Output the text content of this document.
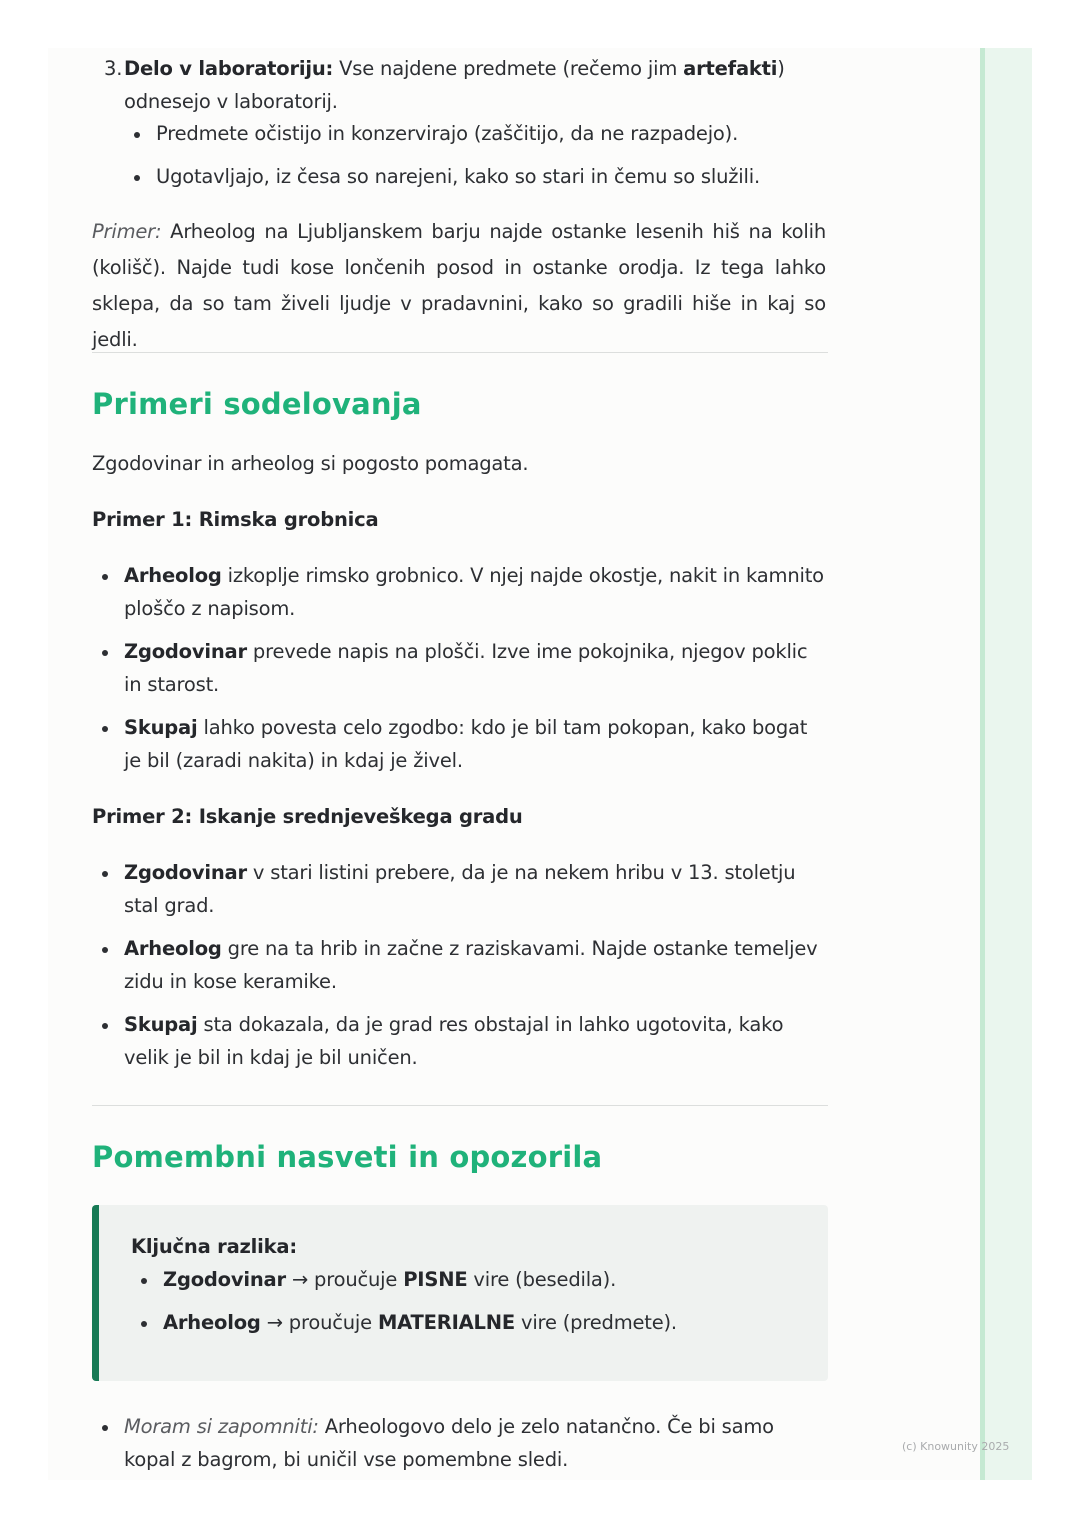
3. Delo v laboratoriju: Vse najdene predmete (rečemo jim artefakti) odnesejo v laboratorij.
Predmete očistijo in konzervirajo (zaščitijo, da ne razpadejo).
Ugotavljajo, iz česa so narejeni, kako so stari in čemu so služili.
Primer: Arheolog na Ljubljanskem barju najde ostanke lesenih hiš na kolih (kolišč). Najde tudi kose lončenih posod in ostanke orodja. Iz tega lahko sklepa, da so tam živeli ljudje v pradavnini, kako so gradili hiše in kaj so jedli.
Primeri sodelovanja
Zgodovinar in arheolog si pogosto pomagata.
Primer 1: Rimska grobnica
Arheolog izkoplje rimsko grobnico. V njej najde okostje, nakit in kamnito ploščo z napisom.
Zgodovinar prevede napis na plošči. Izve ime pokojnika, njegov poklic in starost.
Skupaj lahko povesta celo zgodbo: kdo je bil tam pokopan, kako bogat je bil (zaradi nakita) in kdaj je živel.
Primer 2: Iskanje srednjeveškega gradu
Zgodovinar v stari listini prebere, da je na nekem hribu v 13. stoletju stal grad.
Arheolog gre na ta hrib in začne z raziskavami. Najde ostanke temeljev zidu in kose keramike.
Skupaj sta dokazala, da je grad res obstajal in lahko ugotovita, kako velik je bil in kdaj je bil uničen.
Pomembni nasveti in opozorila
Ključna razlika:
Zgodovinar → proučuje PISNE vire (besedila).
Arheolog → proučuje MATERIALNE vire (predmete).
Moram si zapomniti: Arheologovo delo je zelo natančno. Če bi samo kopal z bagrom, bi uničil vse pomembne sledi.
(c) Knowunity 2025
